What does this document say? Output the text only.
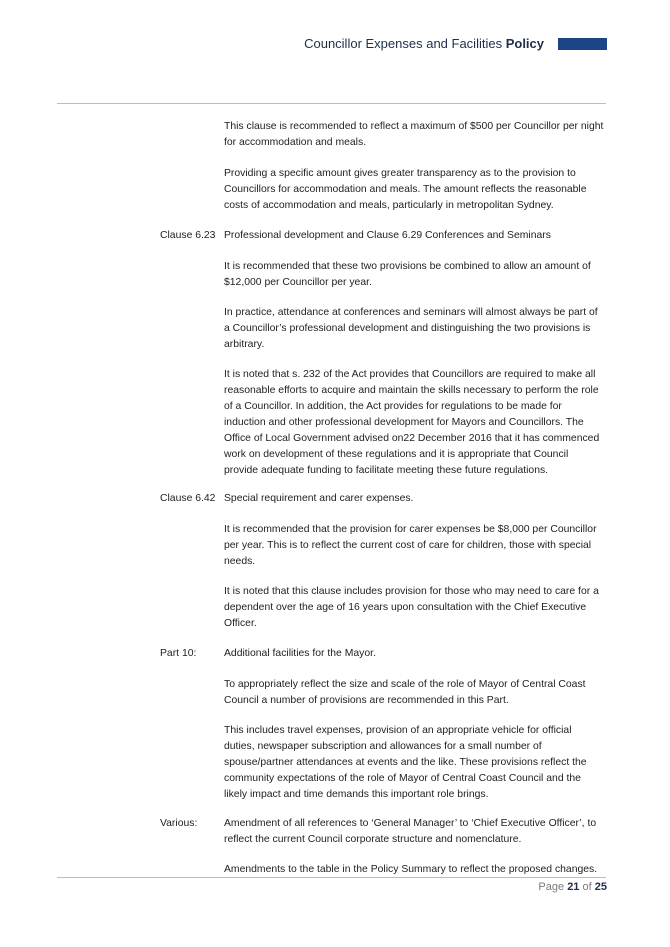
Councillor Expenses and Facilities Policy
This clause is recommended to reflect a maximum of $500 per Councillor per night for accommodation and meals.
Providing a specific amount gives greater transparency as to the provision to Councillors for accommodation and meals. The amount reflects the reasonable costs of accommodation and meals, particularly in metropolitan Sydney.
Clause 6.23 Professional development and Clause 6.29 Conferences and Seminars
It is recommended that these two provisions be combined to allow an amount of $12,000 per Councillor per year.
In practice, attendance at conferences and seminars will almost always be part of a Councillor’s professional development and distinguishing the two provisions is arbitrary.
It is noted that s. 232 of the Act provides that Councillors are required to make all reasonable efforts to acquire and maintain the skills necessary to perform the role of a Councillor. In addition, the Act provides for regulations to be made for induction and other professional development for Mayors and Councillors. The Office of Local Government advised on22 December 2016 that it has commenced work on development of these regulations and it is appropriate that Council provide adequate funding to facilitate meeting these future regulations.
Clause 6.42 Special requirement and carer expenses.
It is recommended that the provision for carer expenses be $8,000 per Councillor per year. This is to reflect the current cost of care for children, those with special needs.
It is noted that this clause includes provision for those who may need to care for a dependent over the age of 16 years upon consultation with the Chief Executive Officer.
Part 10:	Additional facilities for the Mayor.
To appropriately reflect the size and scale of the role of Mayor of Central Coast Council a number of provisions are recommended in this Part.
This includes travel expenses, provision of an appropriate vehicle for official duties, newspaper subscription and allowances for a small number of spouse/partner attendances at events and the like. These provisions reflect the community expectations of the role of Mayor of Central Coast Council and the likely impact and time demands this important role brings.
Various:	Amendment of all references to ‘General Manager’ to ‘Chief Executive Officer’, to reflect the current Council corporate structure and nomenclature.
Amendments to the table in the Policy Summary to reflect the proposed changes.
Page 21 of 25
